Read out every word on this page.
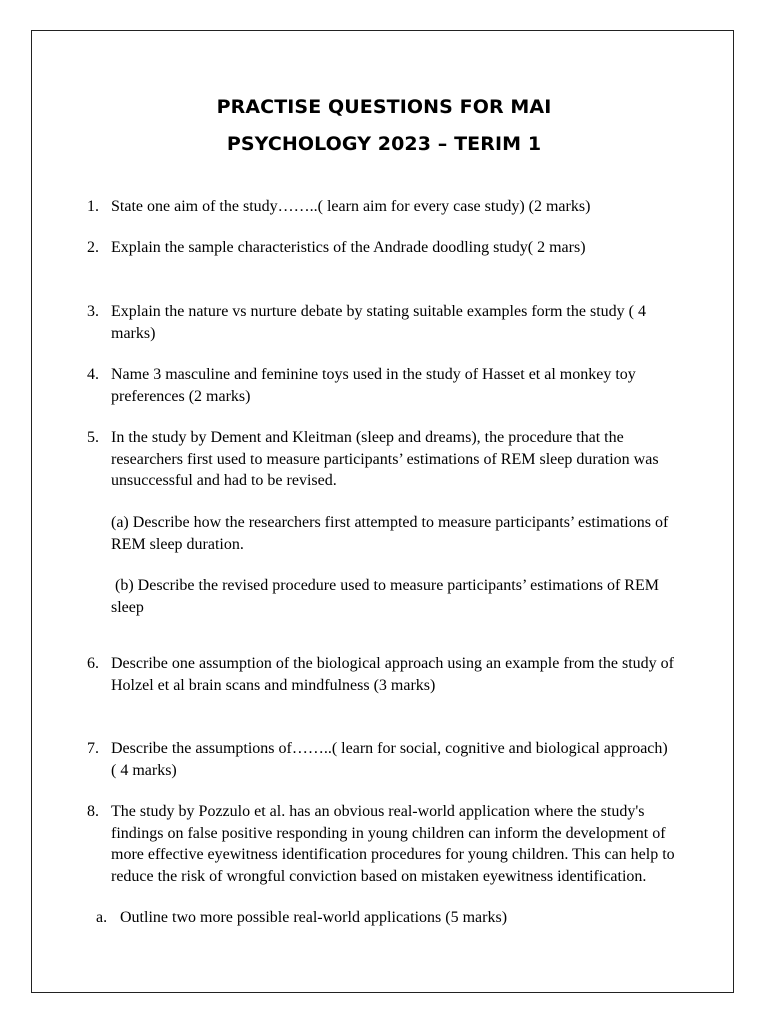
PRACTISE QUESTIONS FOR MAI
PSYCHOLOGY 2023 – TERIM 1
1. State one aim of the study……..( learn aim for every case study) (2 marks)
2. Explain the sample characteristics of the Andrade doodling study( 2 mars)
3. Explain the nature vs nurture debate by stating suitable examples form the study ( 4 marks)
4. Name 3 masculine and feminine toys used in the study of Hasset et al monkey toy preferences (2 marks)
5. In the study by Dement and Kleitman (sleep and dreams), the procedure that the researchers first used to measure participants’ estimations of REM sleep duration was unsuccessful and had to be revised.
(a) Describe how the researchers first attempted to measure participants’ estimations of REM sleep duration.
(b) Describe the revised procedure used to measure participants’ estimations of REM sleep
6. Describe one assumption of the biological approach using an example from the study of Holzel et al brain scans and mindfulness (3 marks)
7. Describe the assumptions of……..( learn for social, cognitive and biological approach) ( 4 marks)
8. The study by Pozzulo et al. has an obvious real-world application where the study's findings on false positive responding in young children can inform the development of more effective eyewitness identification procedures for young children. This can help to reduce the risk of wrongful conviction based on mistaken eyewitness identification.
a. Outline two more possible real-world applications (5 marks)
